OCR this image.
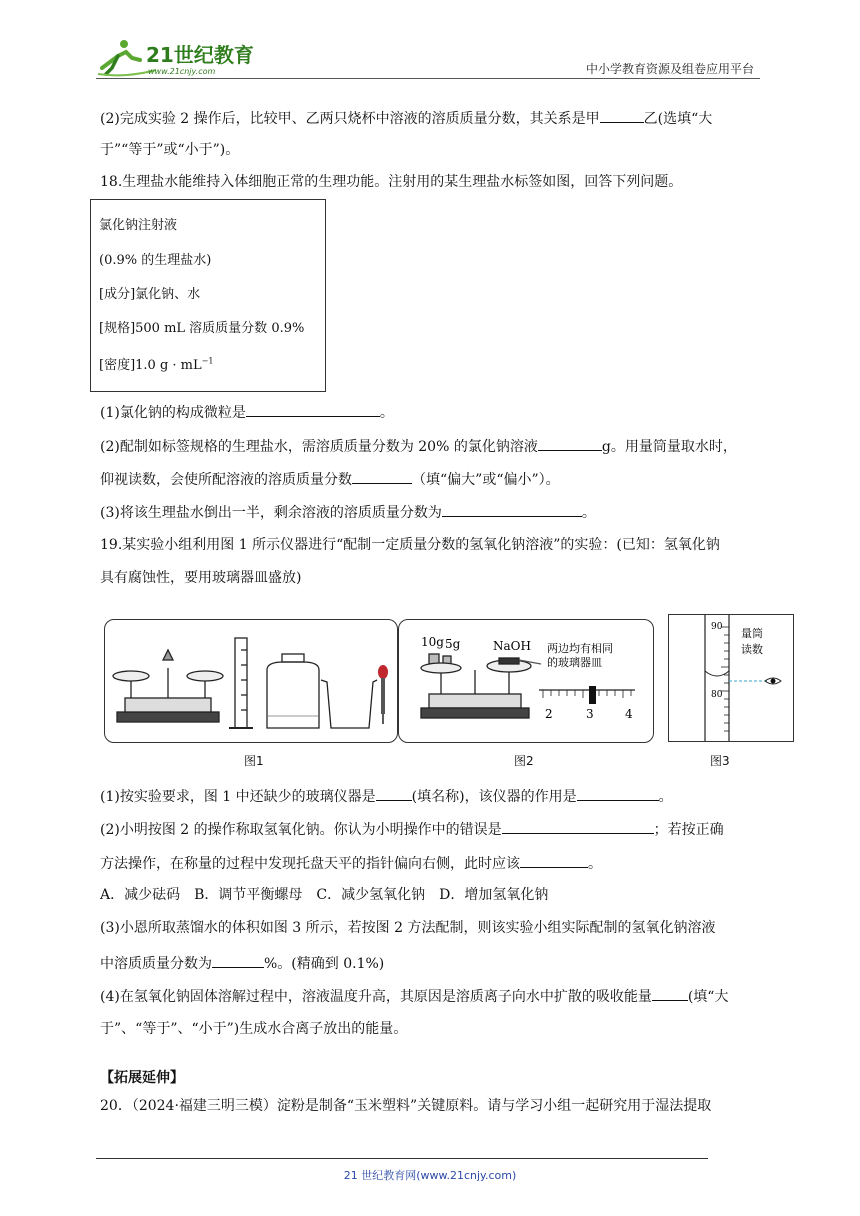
21世纪教育
www.21cnjy.com	中小学教育资源及组卷应用平台
(2)完成实验 2 操作后，比较甲、乙两只烧杯中溶液的溶质质量分数，其关系是甲	乙(选填“大
于”“等于”或“小于”)。
18.生理盐水能维持入体细胞正常的生理功能。注射用的某生理盐水标签如图，回答下列问题。
氯化钠注射液
(0.9% 的生理盐水)
[成分]氯化钠、水
[规格]500 mL 溶质质量分数 0.9%
[密度]1.0 $g \cdot mL^{-1}$
(1)氯化钠的构成微粒是	。
(2)配制如标签规格的生理盐水，需溶质质量分数为 20% 的氯化钠溶液	g。用量筒量取水时，
仰视读数，会使所配溶液的溶质质量分数	（填“偏大”或“偏小”）。
(3)将该生理盐水倒出一半，剩余溶液的溶质质量分数为	。
19.某实验小组利用图 1 所示仪器进行“配制一定质量分数的氢氧化钠溶液”的实验：(已知：氢氧化钠
具有腐蚀性，要用玻璃器皿盛放)
图1
10g 5g	NaOH 两边均有相同
的玻璃器皿
2	3	4
图2
90
80
量筒
读数
图3
(1)按实验要求，图 1 中还缺少的玻璃仪器是	(填名称)，该仪器的作用是	。
(2)小明按图 2 的操作称取氢氧化钠。你认为小明操作中的错误是	；若按正确
方法操作，在称量的过程中发现托盘天平的指针偏向右侧，此时应该	。
A．减少砝码　B．调节平衡螺母　C．减少氢氧化钠　D．增加氢氧化钠
(3)小恩所取蒸馏水的体积如图 3 所示，若按图 2 方法配制，则该实验小组实际配制的氢氧化钠溶液
中溶质质量分数为	%。(精确到 0.1%)
(4)在氢氧化钠固体溶解过程中，溶液温度升高，其原因是溶质离子向水中扩散的吸收能量	(填“大
于”、“等于”、“小于”)生成水合离子放出的能量。
【拓展延伸】
20．（2024·福建三明三模）淀粉是制备“玉米塑料”关键原料。请与学习小组一起研究用于湿法提取
21 世纪教育网(www.21cnjy.com)
